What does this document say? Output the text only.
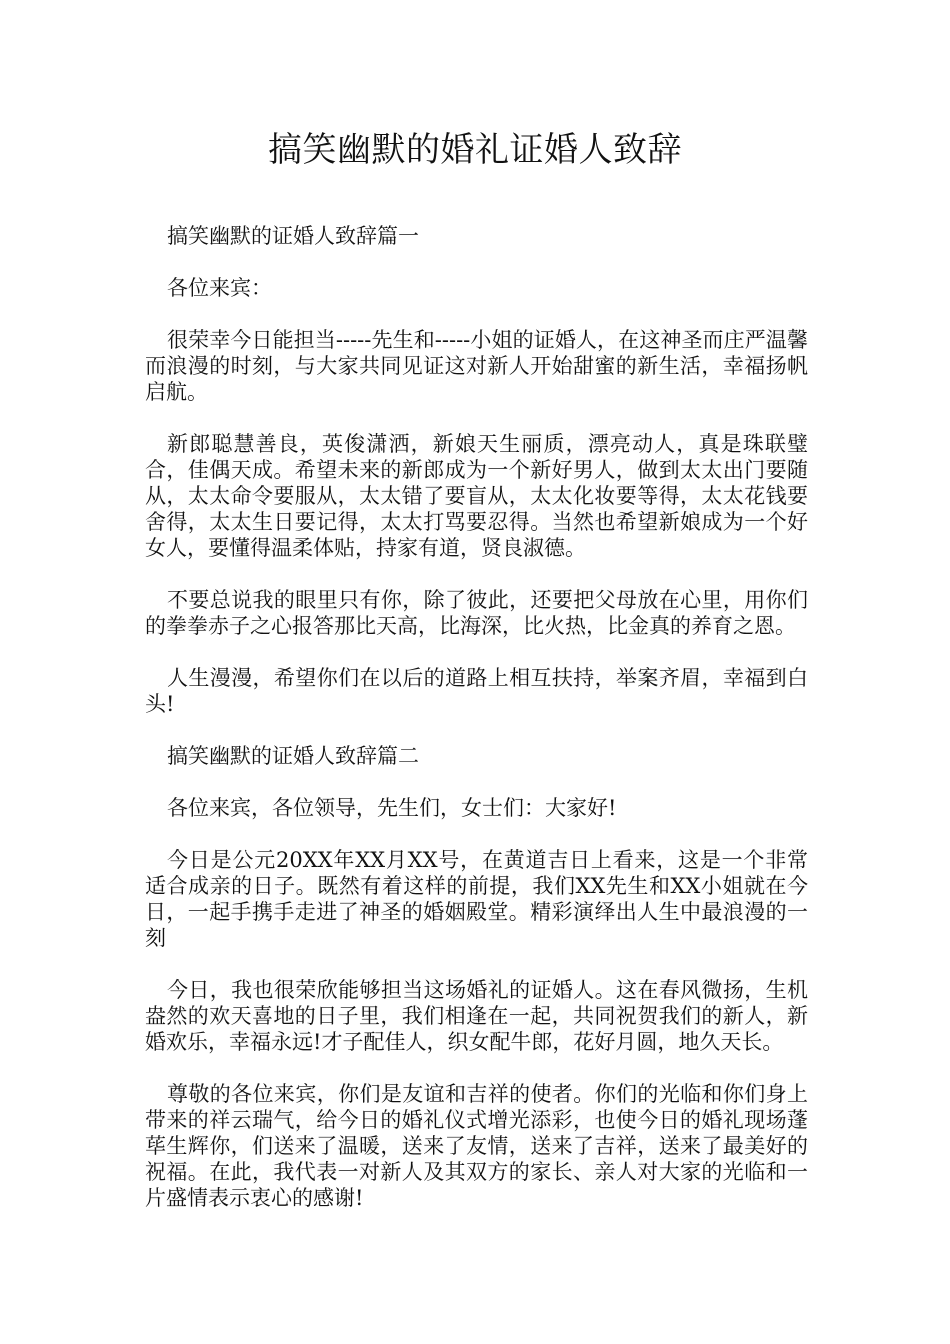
搞笑幽默的婚礼证婚人致辞

搞笑幽默的证婚人致辞篇一

各位来宾：

很荣幸今日能担当-----先生和-----小姐的证婚人，在这神圣而庄严温馨而浪漫的时刻，与大家共同见证这对新人开始甜蜜的新生活，幸福扬帆启航。

新郎聪慧善良，英俊潇洒，新娘天生丽质，漂亮动人，真是珠联璧合，佳偶天成。希望未来的新郎成为一个新好男人，做到太太出门要随从，太太命令要服从，太太错了要盲从，太太化妆要等得，太太花钱要舍得，太太生日要记得，太太打骂要忍得。当然也希望新娘成为一个好女人，要懂得温柔体贴，持家有道，贤良淑德。

不要总说我的眼里只有你，除了彼此，还要把父母放在心里，用你们的拳拳赤子之心报答那比天高，比海深，比火热，比金真的养育之恩。

人生漫漫，希望你们在以后的道路上相互扶持，举案齐眉，幸福到白头!

搞笑幽默的证婚人致辞篇二

各位来宾，各位领导，先生们，女士们：大家好!

今日是公元20XX年XX月XX号，在黄道吉日上看来，这是一个非常适合成亲的日子。既然有着这样的前提，我们XX先生和XX小姐就在今日，一起手携手走进了神圣的婚姻殿堂。精彩演绎出人生中最浪漫的一刻

今日，我也很荣欣能够担当这场婚礼的证婚人。这在春风微扬，生机盎然的欢天喜地的日子里，我们相逢在一起，共同祝贺我们的新人，新婚欢乐，幸福永远!才子配佳人，织女配牛郎，花好月圆，地久天长。

尊敬的各位来宾，你们是友谊和吉祥的使者。你们的光临和你们身上带来的祥云瑞气，给今日的婚礼仪式增光添彩，也使今日的婚礼现场蓬荜生辉你，们送来了温暖，送来了友情，送来了吉祥，送来了最美好的祝福。在此，我代表一对新人及其双方的家长、亲人对大家的光临和一片盛情表示衷心的感谢!
